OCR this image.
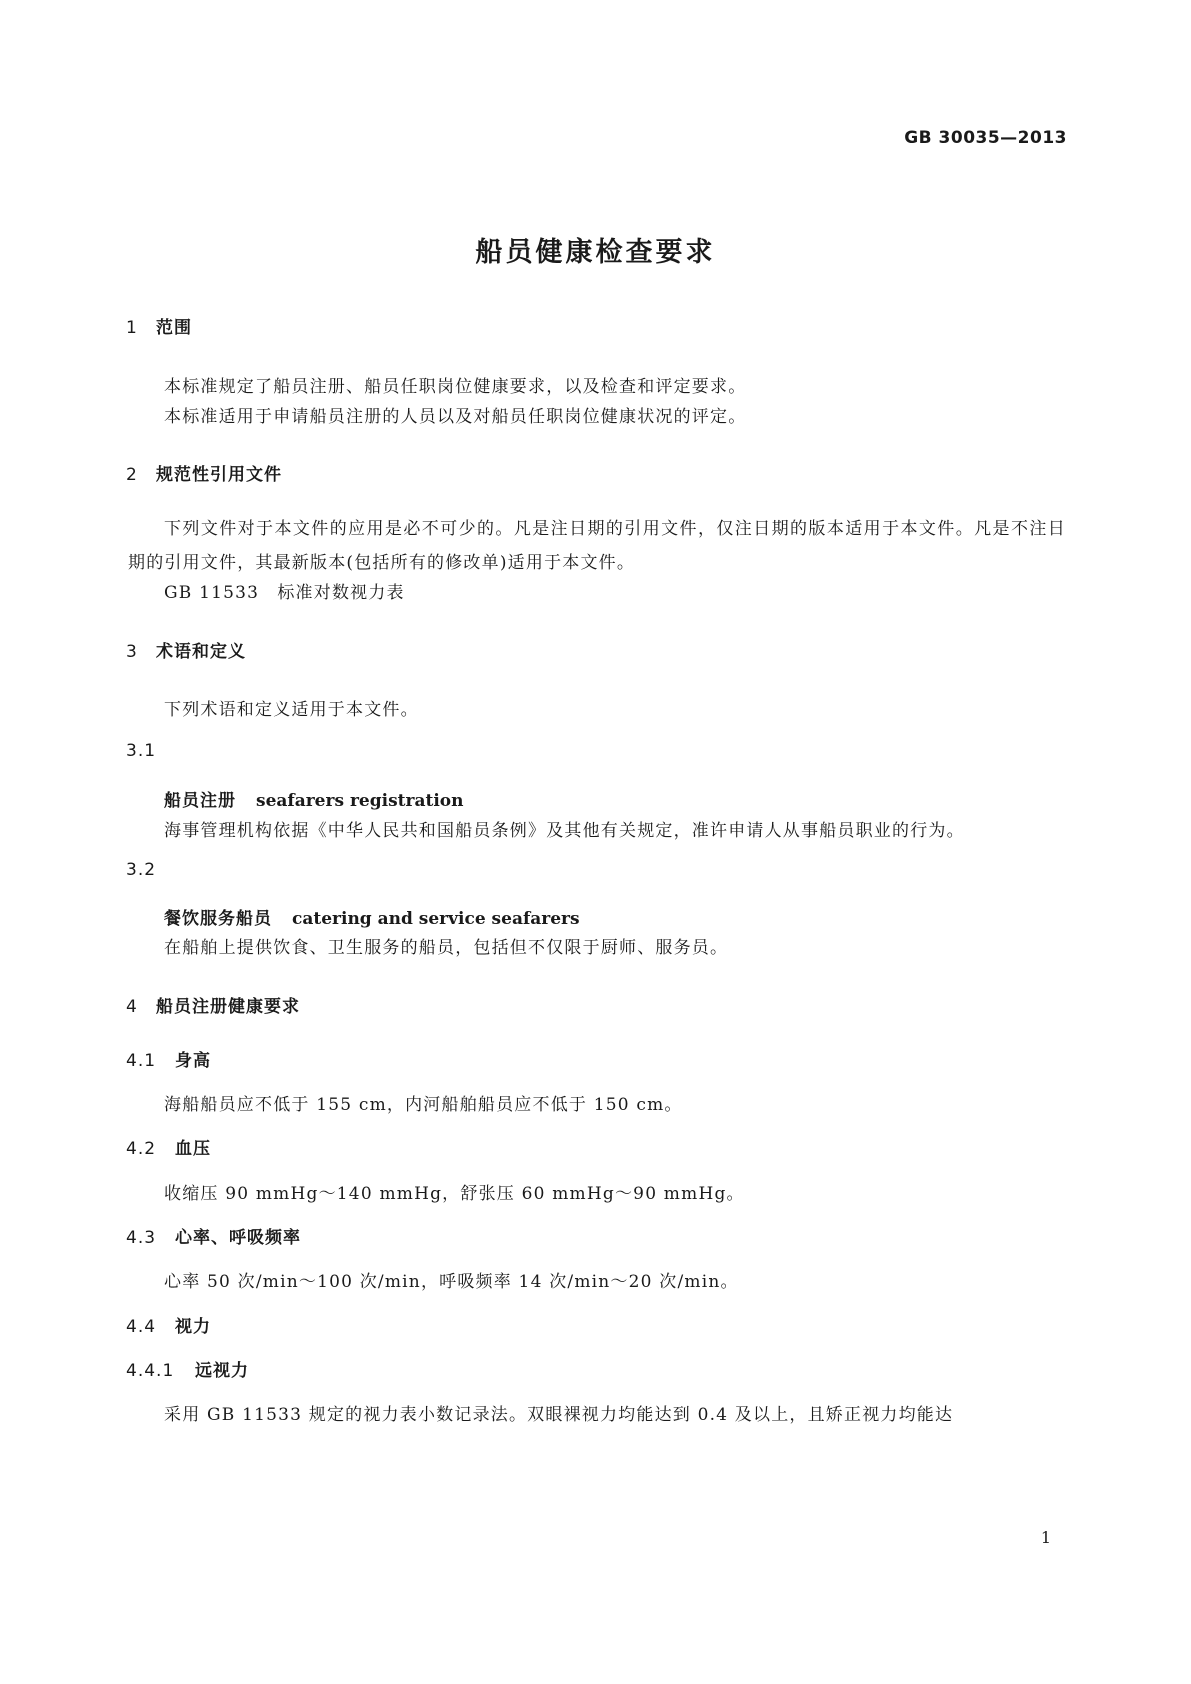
GB 30035—2013
船员健康检查要求
1 范围
本标准规定了船员注册、船员任职岗位健康要求，以及检查和评定要求。
本标准适用于申请船员注册的人员以及对船员任职岗位健康状况的评定。
2 规范性引用文件
下列文件对于本文件的应用是必不可少的。凡是注日期的引用文件，仅注日期的版本适用于本文件。凡是不注日期的引用文件，其最新版本(包括所有的修改单)适用于本文件。
GB 11533　标准对数视力表
3 术语和定义
下列术语和定义适用于本文件。
3.1
船员注册 seafarers registration
海事管理机构依据《中华人民共和国船员条例》及其他有关规定，准许申请人从事船员职业的行为。
3.2
餐饮服务船员 catering and service seafarers
在船舶上提供饮食、卫生服务的船员，包括但不仅限于厨师、服务员。
4 船员注册健康要求
4.1 身高
海船船员应不低于 155 cm，内河船舶船员应不低于 150 cm。
4.2 血压
收缩压 90 mmHg～140 mmHg，舒张压 60 mmHg～90 mmHg。
4.3 心率、呼吸频率
心率 50 次/min～100 次/min，呼吸频率 14 次/min～20 次/min。
4.4 视力
4.4.1 远视力
采用 GB 11533 规定的视力表小数记录法。双眼裸视力均能达到 0.4 及以上，且矫正视力均能达
1
